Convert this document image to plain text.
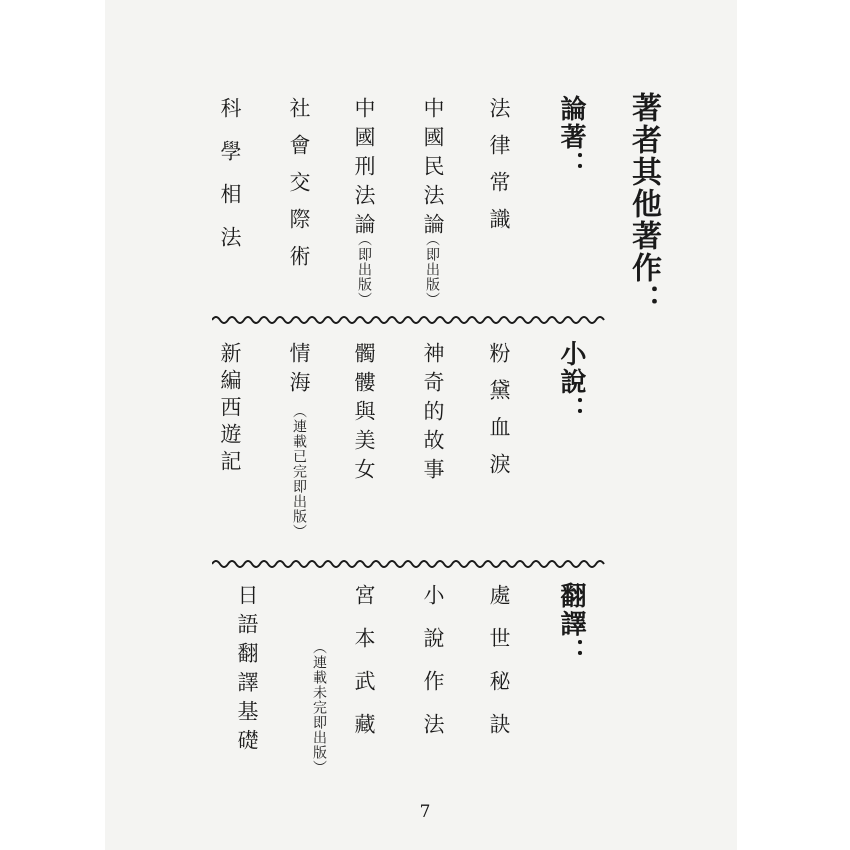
著者其他著作：
論著：
法律常識
中國民法論
（即出版）
中國刑法論
（即出版）
社會交際術
科學相法
小說：
粉黛血淚
神奇的故事
髑髏與美女
情海
（連載已完即出版）
新編西遊記
翻譯：
處世秘訣
小說作法
宮本武藏
（連載未完即出版）
日語翻譯基礎
7
